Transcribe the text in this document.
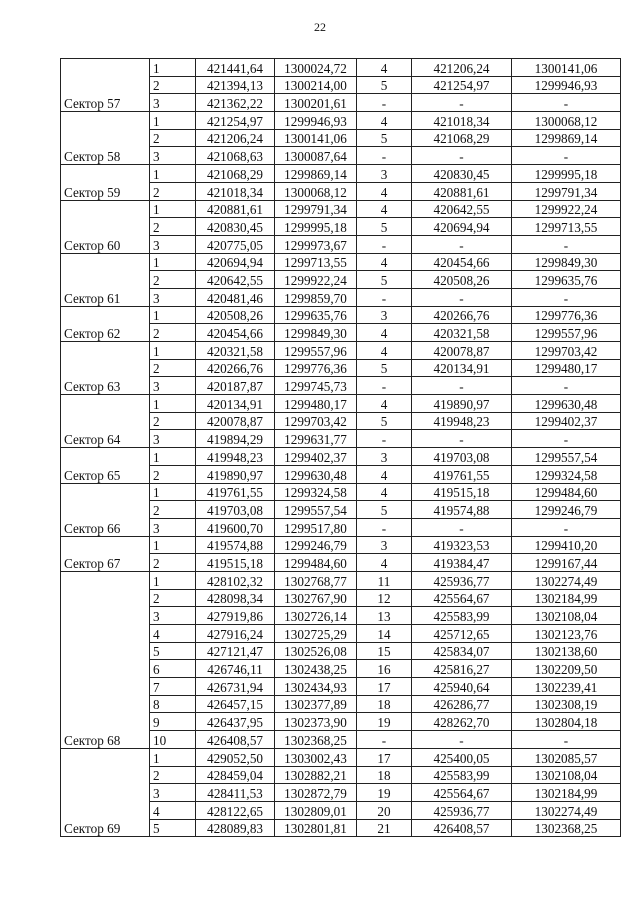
22
Сектор 57	1	421441,64	1300024,72	4	421206,24	1300141,06
	2	421394,13	1300214,00	5	421254,97	1299946,93
	3	421362,22	1300201,61	-	-	-
Сектор 58	1	421254,97	1299946,93	4	421018,34	1300068,12
	2	421206,24	1300141,06	5	421068,29	1299869,14
	3	421068,63	1300087,64	-	-	-
Сектор 59	1	421068,29	1299869,14	3	420830,45	1299995,18
	2	421018,34	1300068,12	4	420881,61	1299791,34
Сектор 60	1	420881,61	1299791,34	4	420642,55	1299922,24
	2	420830,45	1299995,18	5	420694,94	1299713,55
	3	420775,05	1299973,67	-	-	-
Сектор 61	1	420694,94	1299713,55	4	420454,66	1299849,30
	2	420642,55	1299922,24	5	420508,26	1299635,76
	3	420481,46	1299859,70	-	-	-
Сектор 62	1	420508,26	1299635,76	3	420266,76	1299776,36
	2	420454,66	1299849,30	4	420321,58	1299557,96
Сектор 63	1	420321,58	1299557,96	4	420078,87	1299703,42
	2	420266,76	1299776,36	5	420134,91	1299480,17
	3	420187,87	1299745,73	-	-	-
Сектор 64	1	420134,91	1299480,17	4	419890,97	1299630,48
	2	420078,87	1299703,42	5	419948,23	1299402,37
	3	419894,29	1299631,77	-	-	-
Сектор 65	1	419948,23	1299402,37	3	419703,08	1299557,54
	2	419890,97	1299630,48	4	419761,55	1299324,58
Сектор 66	1	419761,55	1299324,58	4	419515,18	1299484,60
	2	419703,08	1299557,54	5	419574,88	1299246,79
	3	419600,70	1299517,80	-	-	-
Сектор 67	1	419574,88	1299246,79	3	419323,53	1299410,20
	2	419515,18	1299484,60	4	419384,47	1299167,44
Сектор 68	1	428102,32	1302768,77	11	425936,77	1302274,49
	2	428098,34	1302767,90	12	425564,67	1302184,99
	3	427919,86	1302726,14	13	425583,99	1302108,04
	4	427916,24	1302725,29	14	425712,65	1302123,76
	5	427121,47	1302526,08	15	425834,07	1302138,60
	6	426746,11	1302438,25	16	425816,27	1302209,50
	7	426731,94	1302434,93	17	425940,64	1302239,41
	8	426457,15	1302377,89	18	426286,77	1302308,19
	9	426437,95	1302373,90	19	428262,70	1302804,18
	10	426408,57	1302368,25	-	-	-
Сектор 69	1	429052,50	1303002,43	17	425400,05	1302085,57
	2	428459,04	1302882,21	18	425583,99	1302108,04
	3	428411,53	1302872,79	19	425564,67	1302184,99
	4	428122,65	1302809,01	20	425936,77	1302274,49
	5	428089,83	1302801,81	21	426408,57	1302368,25
